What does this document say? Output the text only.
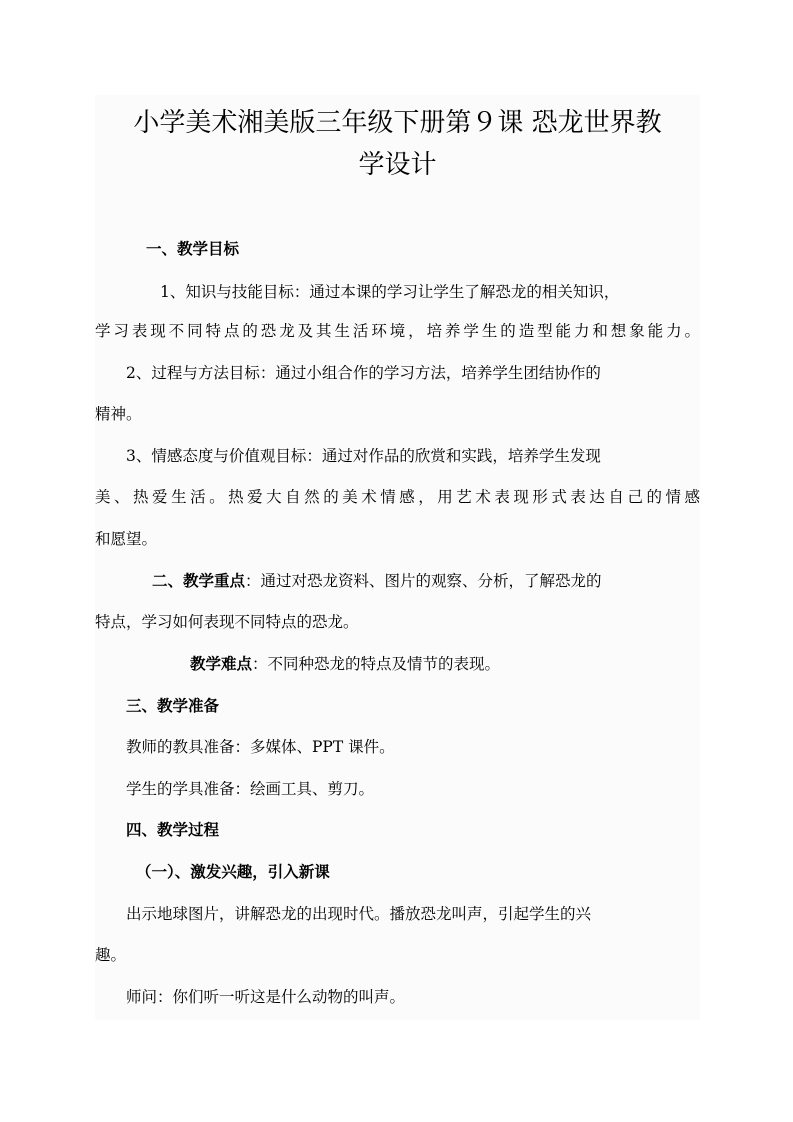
小学美术湘美版三年级下册第９课 恐龙世界教
学设计
一、教学目标
1、知识与技能目标：通过本课的学习让学生了解恐龙的相关知识，
学习表现不同特点的恐龙及其生活环境，培养学生的造型能力和想象能力。
2、过程与方法目标：通过小组合作的学习方法，培养学生团结协作的
精神。
3、情感态度与价值观目标：通过对作品的欣赏和实践，培养学生发现
美、热爱生活。热爱大自然的美术情感，用艺术表现形式表达自己的情感
和愿望。
二、教学重点：通过对恐龙资料、图片的观察、分析，了解恐龙的
特点，学习如何表现不同特点的恐龙。
教学难点：不同种恐龙的特点及情节的表现。
三、教学准备
教师的教具准备：多媒体、PPT 课件。
学生的学具准备：绘画工具、剪刀。
四、教学过程
（一）、激发兴趣，引入新课
出示地球图片，讲解恐龙的出现时代。播放恐龙叫声，引起学生的兴
趣。
师问：你们听一听这是什么动物的叫声。
